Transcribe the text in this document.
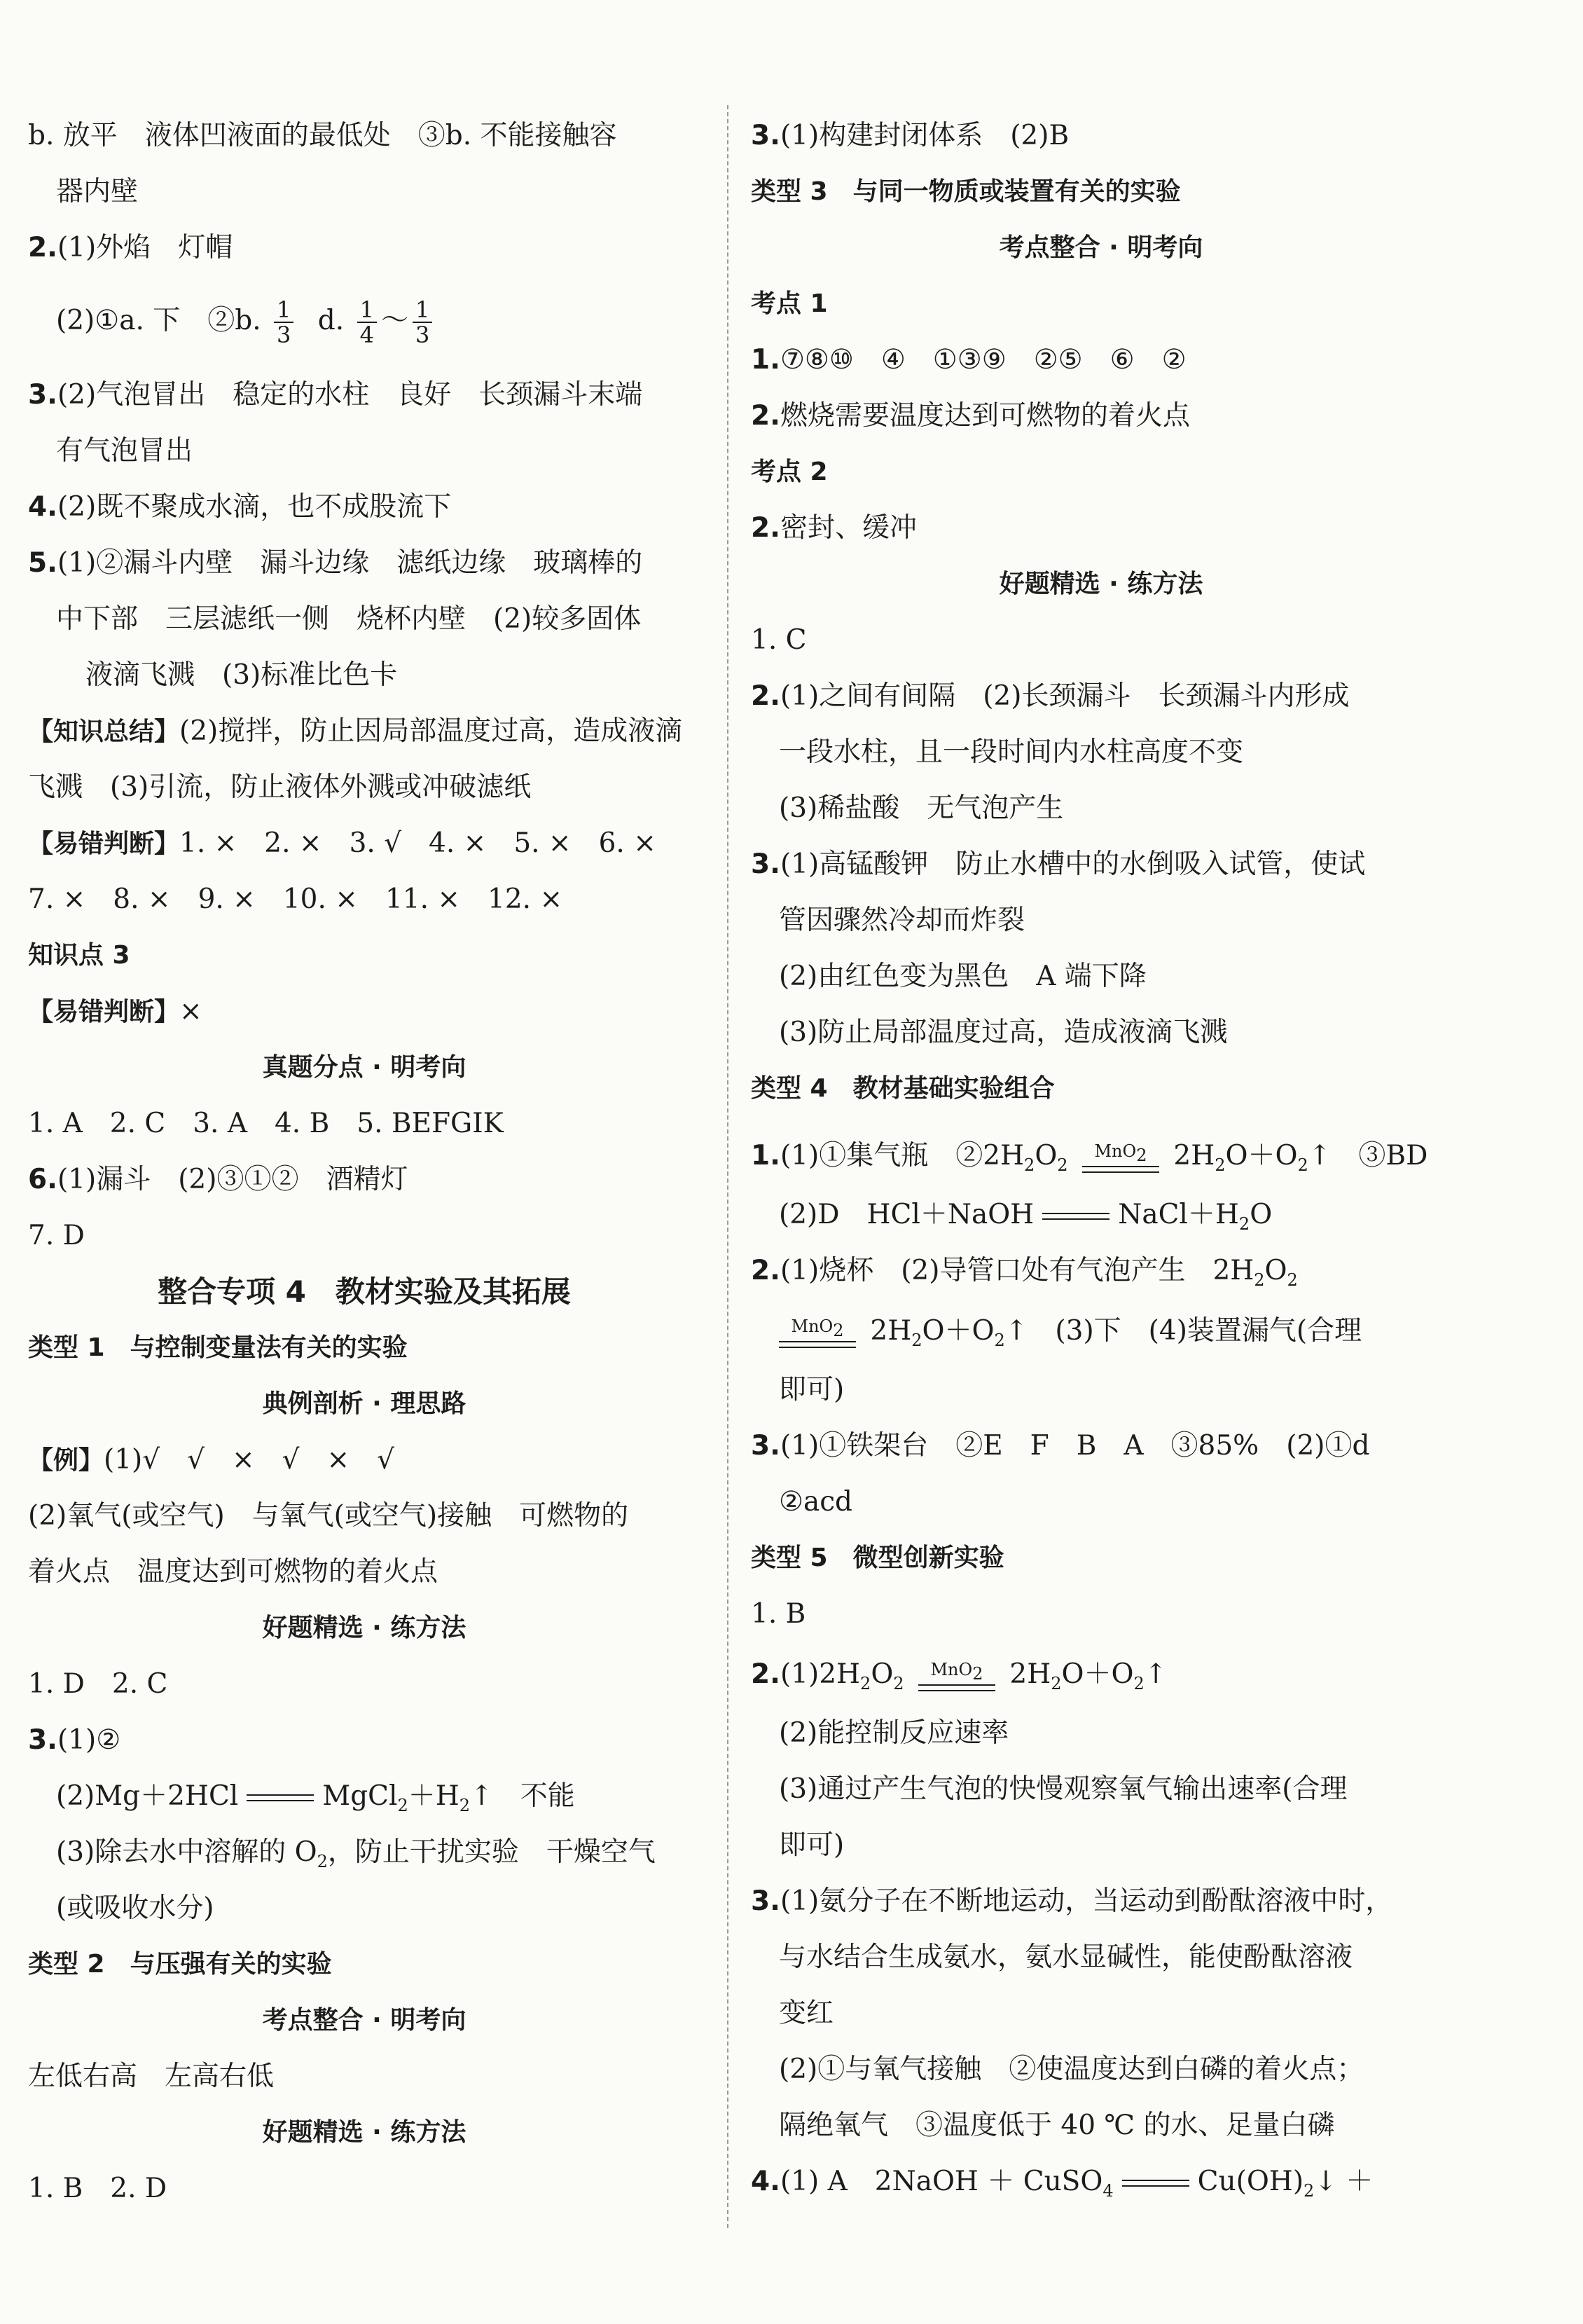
b. 放平　液体凹液面的最低处　③b. 不能接触容
器内壁
2.(1)外焰　灯帽
(2)①a. 下　②b. $\frac{1}{3} d$. $\frac{1}{4}$ ～ $\frac{1}{3}$
3.(2)气泡冒出　稳定的水柱　良好　长颈漏斗末端
有气泡冒出
4.(2)既不聚成水滴，也不成股流下
5.(1)②漏斗内壁　漏斗边缘　滤纸边缘　玻璃棒的
中下部　三层滤纸一侧　烧杯内壁　(2)较多固体
液滴飞溅　(3)标准比色卡
【知识总结】(2)搅拌，防止因局部温度过高，造成液滴
飞溅　(3)引流，防止液体外溅或冲破滤纸
【易错判断】1. ×　2. ×　3. √　4. ×　5. ×　6. ×
7. ×　8. ×　9. ×　10. ×　11. ×　12. ×
知识点 3
【易错判断】×
真题分点 · 明考向
1. A　2. C　3. A　4. B　5. BEFGIK
6.(1)漏斗　(2)③①②　酒精灯
7. D
整合专项 4　教材实验及其拓展
类型 1　与控制变量法有关的实验
典例剖析 · 理思路
【例】(1)√　√　×　√　×　√
(2)氧气(或空气)　与氧气(或空气)接触　可燃物的
着火点　温度达到可燃物的着火点
好题精选 · 练方法
1. D　2. C
3.(1)②
(2)Mg＋2HCl	$MgCl_2+H_2↑$　不能
(3)除去水中溶解的 $O_2$，防止干扰实验　干燥空气
(或吸收水分)
类型 2　与压强有关的实验
考点整合 · 明考向
左低右高　左高右低
好题精选 · 练方法
1. B　2. D
3.(1)构建封闭体系　(2)B
类型 3　与同一物质或装置有关的实验
考点整合 · 明考向
考点 1
1.⑦⑧⑩　④　①③⑨　②⑤　⑥　②
2.燃烧需要温度达到可燃物的着火点
考点 2
2.密封、缓冲
好题精选 · 练方法
1. C
2.(1)之间有间隔　(2)长颈漏斗　长颈漏斗内形成
一段水柱，且一段时间内水柱高度不变
(3)稀盐酸　无气泡产生
3.(1)高锰酸钾　防止水槽中的水倒吸入试管，使试
管因骤然冷却而炸裂
(2)由红色变为黑色　A 端下降
(3)防止局部温度过高，造成液滴飞溅
类型 4　教材基础实验组合
1.(1)①集气瓶　$②2H_2O_2$
MnO$_2$ $2H_2O+O_2↑$　③BD
(2)D　HCl＋NaOH	$NaCl+H_2O$
2.(1)烧杯　(2)导管口处有气泡产生　$2H_2O_2$
MnO$_2$ $2H_2O+O_2↑$　(3)下　(4)装置漏气(合理
即可)
3.(1)①铁架台　②E　F　B　A　③85%　(2)①d
②acd
类型 5　微型创新实验
1. B
$2.(1)2H_2O_2$
MnO$_2$ $2H_2O+O_2↑$
(2)能控制反应速率
(3)通过产生气泡的快慢观察氧气输出速率(合理
即可)
3.(1)氨分子在不断地运动，当运动到酚酞溶液中时，
与水结合生成氨水，氨水显碱性，能使酚酞溶液
变红
(2)①与氧气接触　②使温度达到白磷的着火点；
隔绝氧气　③温度低于 40 ℃ 的水、足量白磷
4.(1) A　2NaOH ＋ CuSO$_4$	$Cu(OH)_2↓$ ＋
